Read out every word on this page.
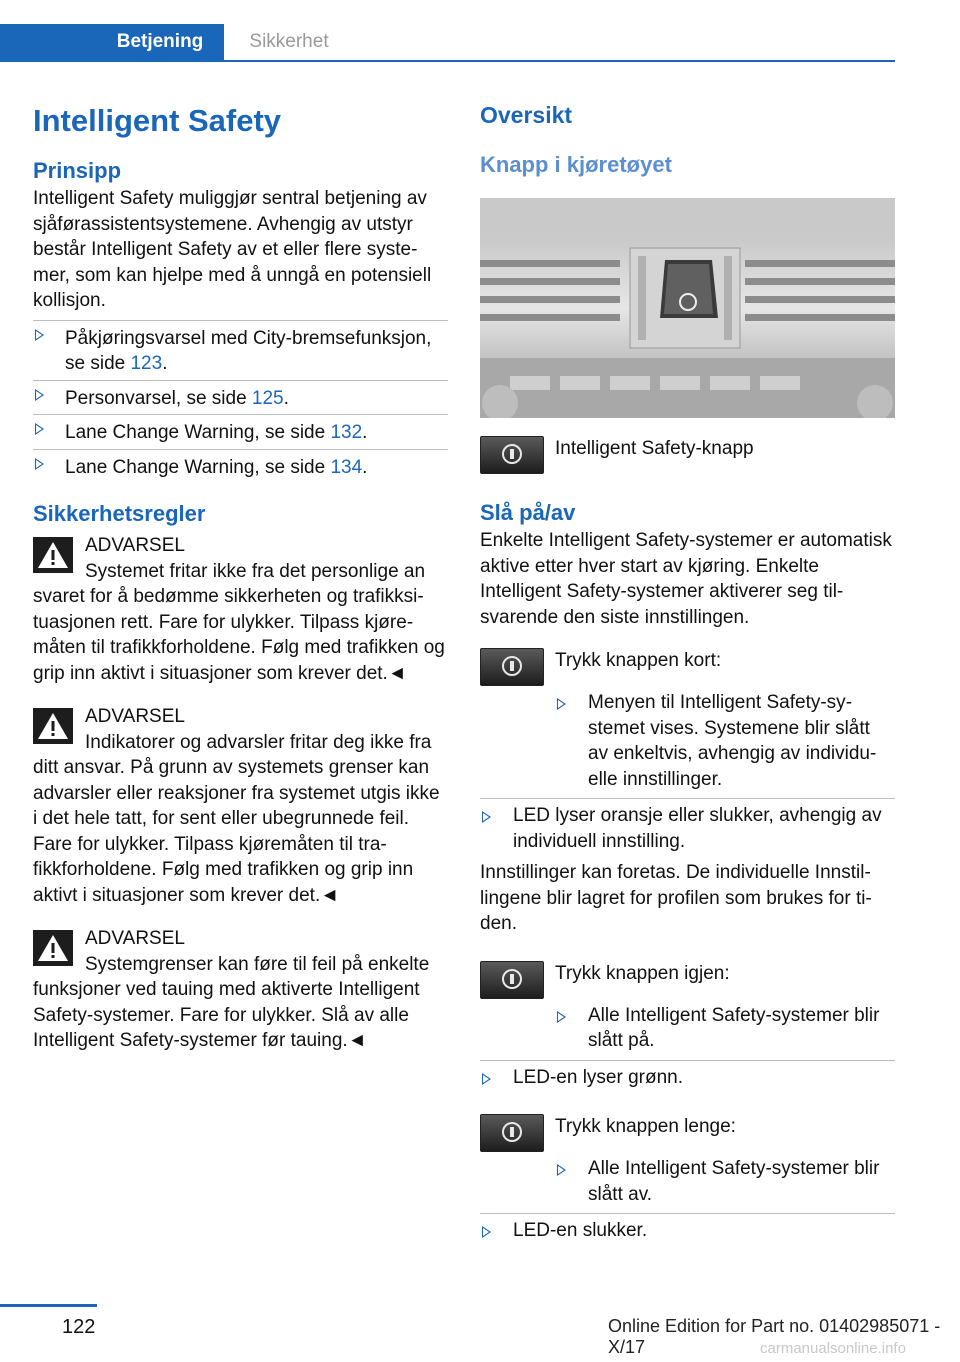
Betjening	Sikkerhet
Intelligent Safety
Prinsipp

Intelligent Safety muliggjør sentral betjening av sjåførassistentsystemene. Avhengig av utstyr består Intelligent Safety av et eller flere systemer, som kan hjelpe med å unngå en potensiell kollisjon.

Påkjøringsvarsel med City-bremsefunksjon, se side 123.
Personvarsel, se side 125.
Lane Change Warning, se side 132.
Lane Change Warning, se side 134.
Sikkerhetsregler
ADVARSEL

Systemet fritar ikke fra det personlige an

svaret for å bedømme sikkerheten og trafikksituasjonen rett. Fare for ulykker. Tilpass kjøremåten til trafikkforholdene. Følg med trafikken og grip inn aktivt i situasjoner som krever det.◄

ADVARSEL

Indikatorer og advarsler fritar deg ikke fra

ditt ansvar. På grunn av systemets grenser kan advarsler eller reaksjoner fra systemet utgis ikke i det hele tatt, for sent eller ubegrunnede feil. Fare for ulykker. Tilpass kjøremåten til trafikkforholdene. Følg med trafikken og grip inn aktivt i situasjoner som krever det.◄

ADVARSEL

Systemgrenser kan føre til feil på enkelte

funksjoner ved tauing med aktiverte Intelligent Safety-systemer. Fare for ulykker. Slå av alle Intelligent Safety-systemer før tauing.◄

Oversikt
Knapp i kjøretøyet

Intelligent Safety-knapp

Slå på/av

Enkelte Intelligent Safety-systemer er automatisk aktive etter hver start av kjøring. Enkelte Intelligent Safety-systemer aktiverer seg tilsvarende den siste innstillingen.

Trykk knappen kort:

Menyen til Intelligent Safety-systemet vises. Systemene blir slått av enkeltvis, avhengig av individuelle innstillinger.
LED lyser oransje eller slukker, avhengig av individuell innstilling.

Innstillinger kan foretas. De individuelle Innstillingene blir lagret for profilen som brukes for tiden.

Trykk knappen igjen:

Alle Intelligent Safety-systemer blir slått på.
LED-en lyser grønn.

Trykk knappen lenge:

Alle Intelligent Safety-systemer blir slått av.
LED-en slukker.
122	Online Edition for Part no. 01402985071 - X/17	carmanualsonline.info
